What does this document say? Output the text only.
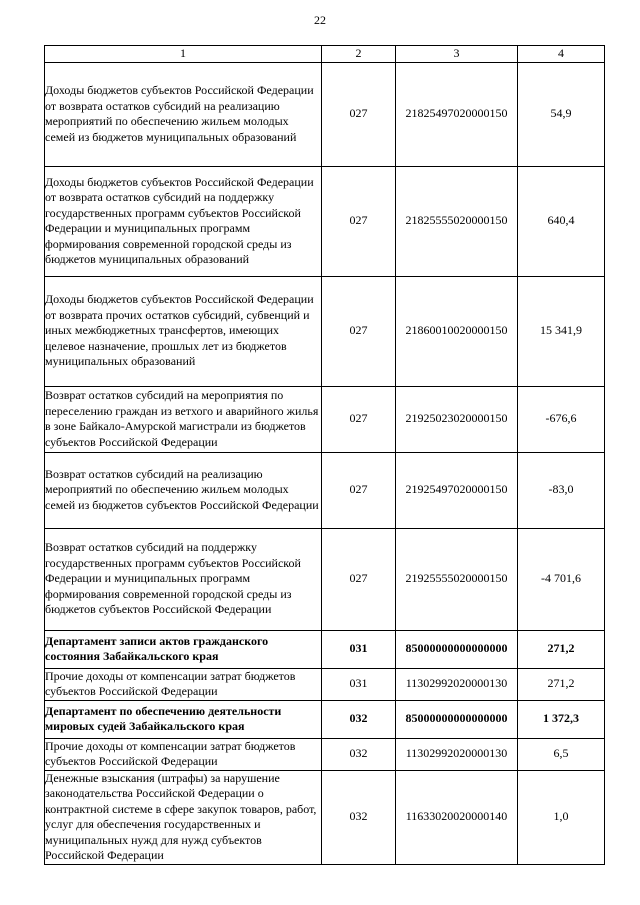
22
1	2	3	4
Доходы бюджетов субъектов Российской Федерации от возврата остатков субсидий на реализацию мероприятий по обеспечению жильем молодых семей из бюджетов муниципальных образований	027	21825497020000150	54,9
Доходы бюджетов субъектов Российской Федерации от возврата остатков субсидий на поддержку государственных программ субъектов Российской Федерации и муниципальных программ формирования современной городской среды из бюджетов муниципальных образований	027	21825555020000150	640,4
Доходы бюджетов субъектов Российской Федерации от возврата прочих остатков субсидий, субвенций и иных межбюджетных трансфертов, имеющих целевое назначение, прошлых лет из бюджетов муниципальных образований	027	21860010020000150	15 341,9
Возврат остатков субсидий на мероприятия по переселению граждан из ветхого и аварийного жилья в зоне Байкало-Амурской магистрали из бюджетов субъектов Российской Федерации	027	21925023020000150	-676,6
Возврат остатков субсидий на реализацию мероприятий по обеспечению жильем молодых семей из бюджетов субъектов Российской Федерации	027	21925497020000150	-83,0
Возврат остатков субсидий на поддержку государственных программ субъектов Российской Федерации и муниципальных программ формирования современной городской среды из бюджетов субъектов Российской Федерации	027	21925555020000150	-4 701,6
Департамент записи актов гражданского состояния Забайкальского края	031	85000000000000000	271,2
Прочие доходы от компенсации затрат бюджетов субъектов Российской Федерации	031	11302992020000130	271,2
Департамент по обеспечению деятельности мировых судей Забайкальского края	032	85000000000000000	1 372,3
Прочие доходы от компенсации затрат бюджетов субъектов Российской Федерации	032	11302992020000130	6,5
Денежные взыскания (штрафы) за нарушение законодательства Российской Федерации о контрактной системе в сфере закупок товаров, работ, услуг для обеспечения государственных и муниципальных нужд для нужд субъектов Российской Федерации	032	11633020020000140	1,0
